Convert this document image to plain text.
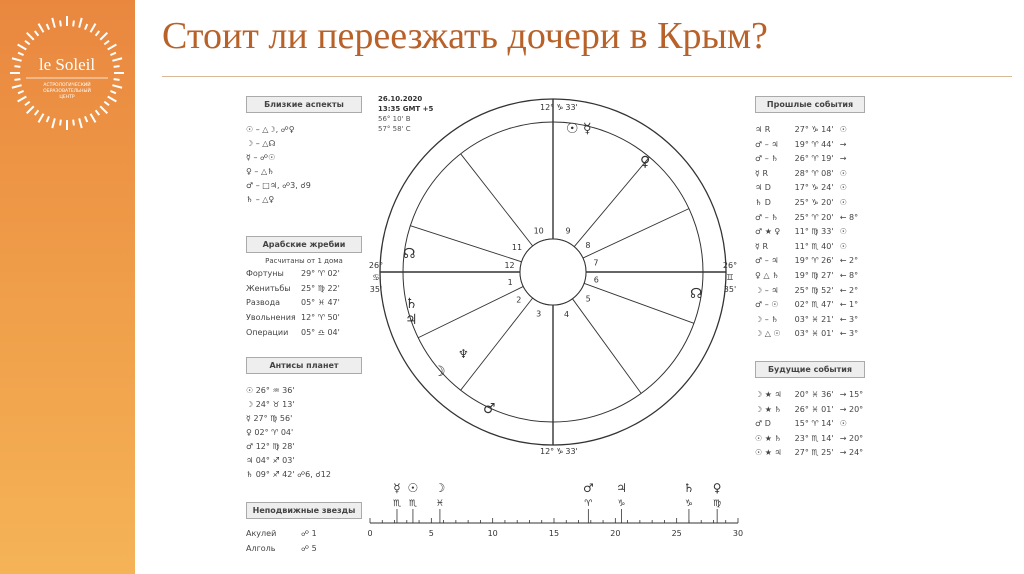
le Soleil
АСТРОЛОГИЧЕСКИЙ
ОБРАЗОВАТЕЛЬНЫЙ
ЦЕНТР
Стоит ли переезжать дочери в Крым?
Близкие аспекты
☉ – △☽, ☍♀
☽ – △☊
☿ – ☍☉
♀ – △♄
♂ – □♃, ☍3, ☌9
♄ – △♀
Арабские жребии
Расчитаны от 1 дома
Фортуны	29° ♈ 02'
Женитьбы	25° ♍ 22'
Развода	05° ♓ 47'
Увольнения 12° ♈ 50'
Операции	05° ♎ 04'
Антисы планет
☉ 26° ♒ 36'
☽ 24° ♉ 13'
☿ 27° ♍ 56'
♀ 02° ♈ 04'
♂ 12° ♍ 28'
♃ 04° ♐ 03'
♄ 09° ♐ 42' ☍6, ☌12
Неподвижные звезды
Акулей	☍ 1
Алголь	☍ 5
26.10.2020
13:35 GMT +5
56° 10' В
57° 58' С
1
2
3	4
5
6
7
8
9
10
11
12
12° ♑ 33'
12° ♑ 33'
26° ♊ 35'
26° ♋ 35'
☉ ☿
♀
♂
♃
♄
☽
☊
☊
♆
Прошлые события
♃ R	27° ♑ 14' ☉
♂ – ♃	19° ♈ 44' →
♂ – ♄	26° ♈ 19' →
☿ R	28° ♈ 08' ☉
♃ D	17° ♑ 24' ☉
♄ D	25° ♑ 20' ☉
♂ – ♄	25° ♈ 20' ← 8°
♂ ★ ♀	11° ♍ 33' ☉
☿ R	11° ♏ 40' ☉
♂ – ♃	19° ♈ 26' ← 2°
♀ △ ♄	19° ♍ 27' ← 8°
☽ – ♃	25° ♍ 52' ← 2°
♂ – ☉	02° ♏ 47' ← 1°
☽ – ♄	03° ♓ 21' ← 3°
☽ △ ☉	03° ♓ 01' ← 3°
Будущие события
☽ ★ ♃	20° ♓ 36' → 15°
☽ ★ ♄	26° ♓ 01' → 20°
♂ D	15° ♈ 14' ☉
☉ ★ ♄	23° ♏ 14' → 20°
☉ ★ ♃	27° ♏ 25' → 24°
0	5	10	15	20	25	30
☿
♏
☉
♏
☽
♓
♂
♈
♃
♑
♄
♑
♀
♍
